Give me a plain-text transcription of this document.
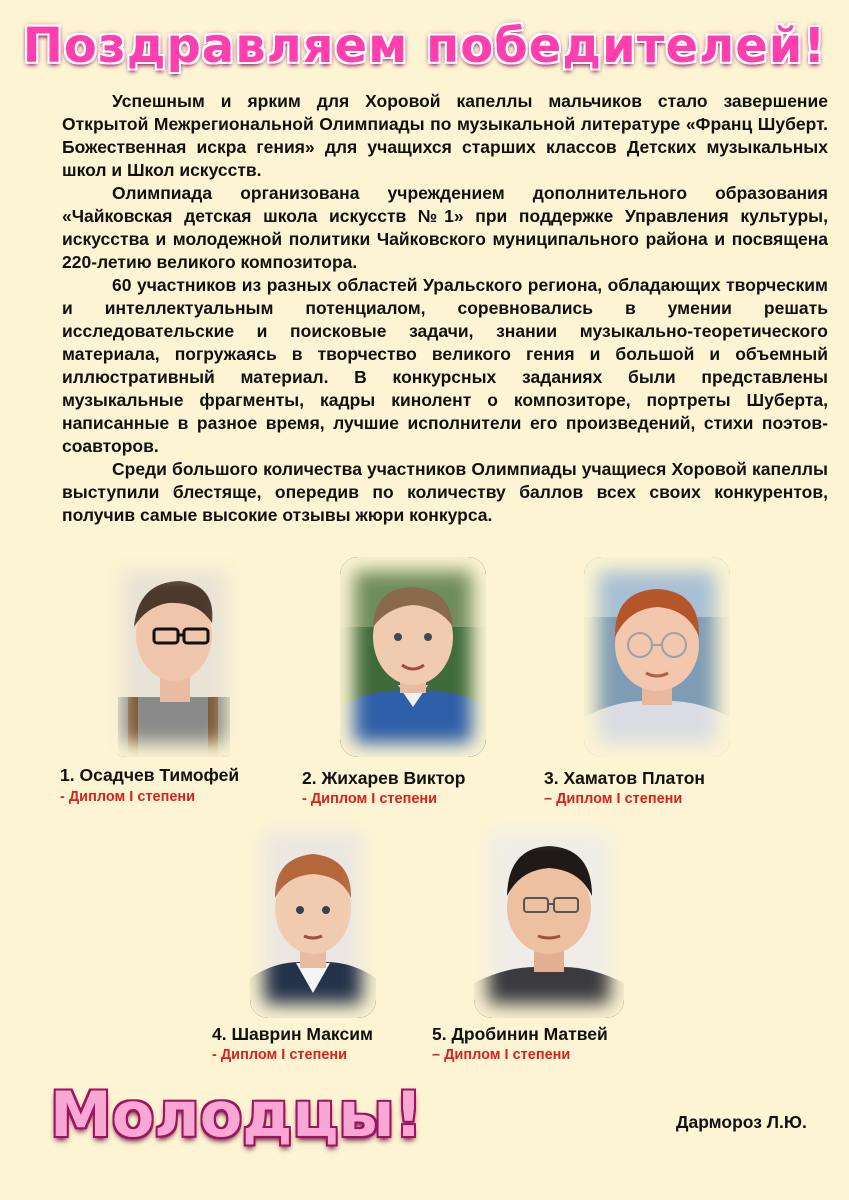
Поздравляем победителей!

Успешным и ярким для Хоровой капеллы мальчиков стало завершение Открытой Межрегиональной Олимпиады по музыкальной литературе «Франц Шуберт. Божественная искра гения» для учащихся старших классов Детских музыкальных школ и Школ искусств.

Олимпиада организована учреждением дополнительного образования «Чайковская детская школа искусств №1» при поддержке Управления культуры, искусства и молодежной политики Чайковского муниципального района и посвящена 220-летию великого композитора.

60 участников из разных областей Уральского региона, обладающих творческим и интеллектуальным потенциалом, соревновались в умении решать исследовательские и поисковые задачи, знании музыкально-теоретического материала, погружаясь в творчество великого гения и большой и объемный иллюстративный материал. В конкурсных заданиях были представлены музыкальные фрагменты, кадры кинолент о композиторе, портреты Шуберта, написанные в разное время, лучшие исполнители его произведений, стихи поэтов-соавторов.

Среди большого количества участников Олимпиады учащиеся Хоровой капеллы выступили блестяще, опередив по количеству баллов всех своих конкурентов, получив самые высокие отзывы жюри конкурса.

1. Осадчев Тимофей
- Диплом I степени
2. Жихарев Виктор
- Диплом I степени
3. Хаматов Платон
– Диплом I степени
4. Шаврин Максим
- Диплом I степени
5. Дробинин Матвей
– Диплом I степени
Молодцы!	Дармороз Л.Ю.
